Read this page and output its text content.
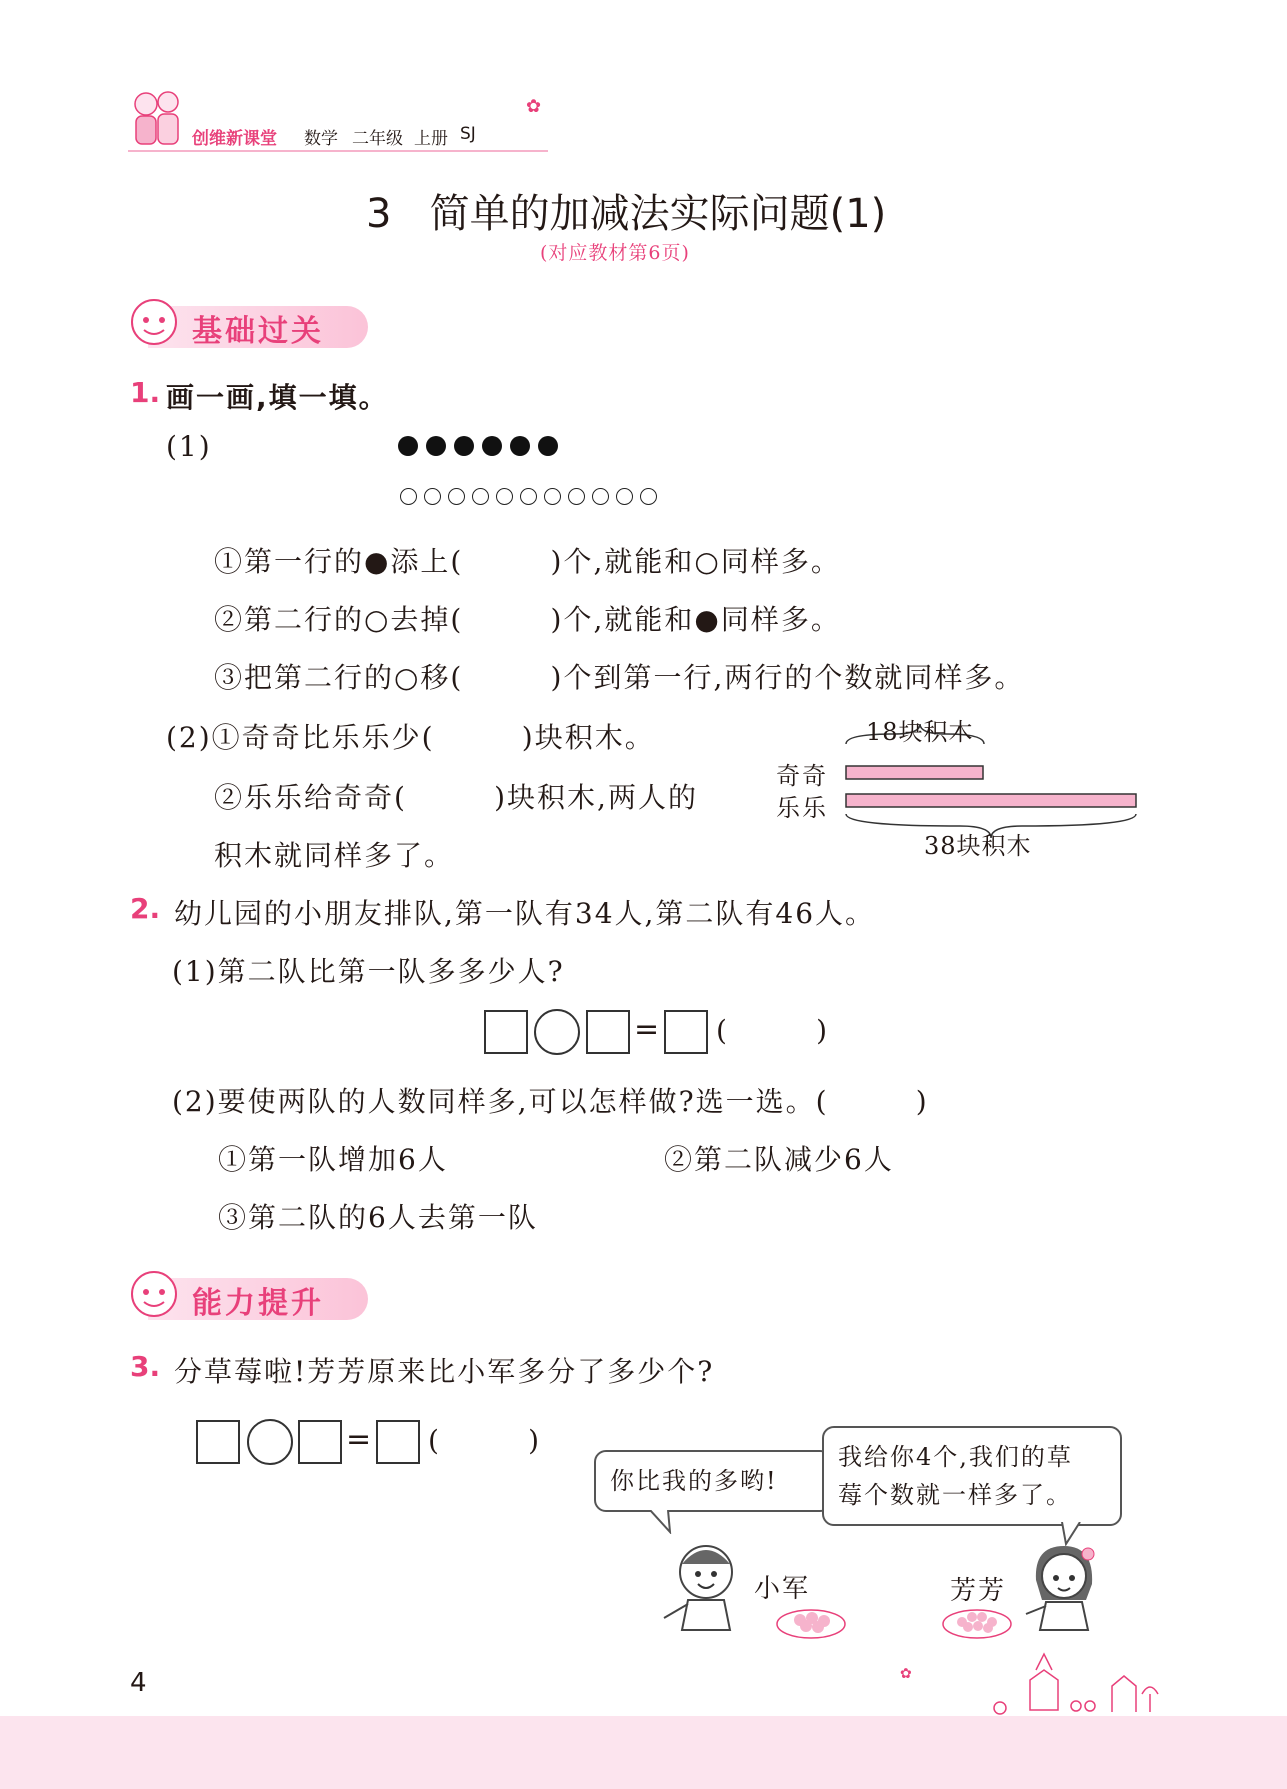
创维新课堂 数学 二年级 上册 SJ
✿
3   简单的加减法实际问题(1)
(对应教材第6页)
基础过关
1. 画一画,填一填。
(1)
①第一行的●添上(        )个,就能和○同样多。
②第二行的○去掉(        )个,就能和●同样多。
③把第二行的○移(        )个到第一行,两行的个数就同样多。
(2)①奇奇比乐乐少(        )块积木。
②乐乐给奇奇(        )块积木,两人的
积木就同样多了。
18块积木
奇奇
乐乐
38块积木
2. 幼儿园的小朋友排队,第一队有34人,第二队有46人。
(1)第二队比第一队多多少人?
= (        )
(2)要使两队的人数同样多,可以怎样做?选一选。(        )
①第一队增加6人	②第二队减少6人
③第二队的6人去第一队
能力提升
3. 分草莓啦!芳芳原来比小军多分了多少个?
= (        )
你比我的多哟!
我给你4个,我们的草
莓个数就一样多了。
小军	芳芳
4	✿
